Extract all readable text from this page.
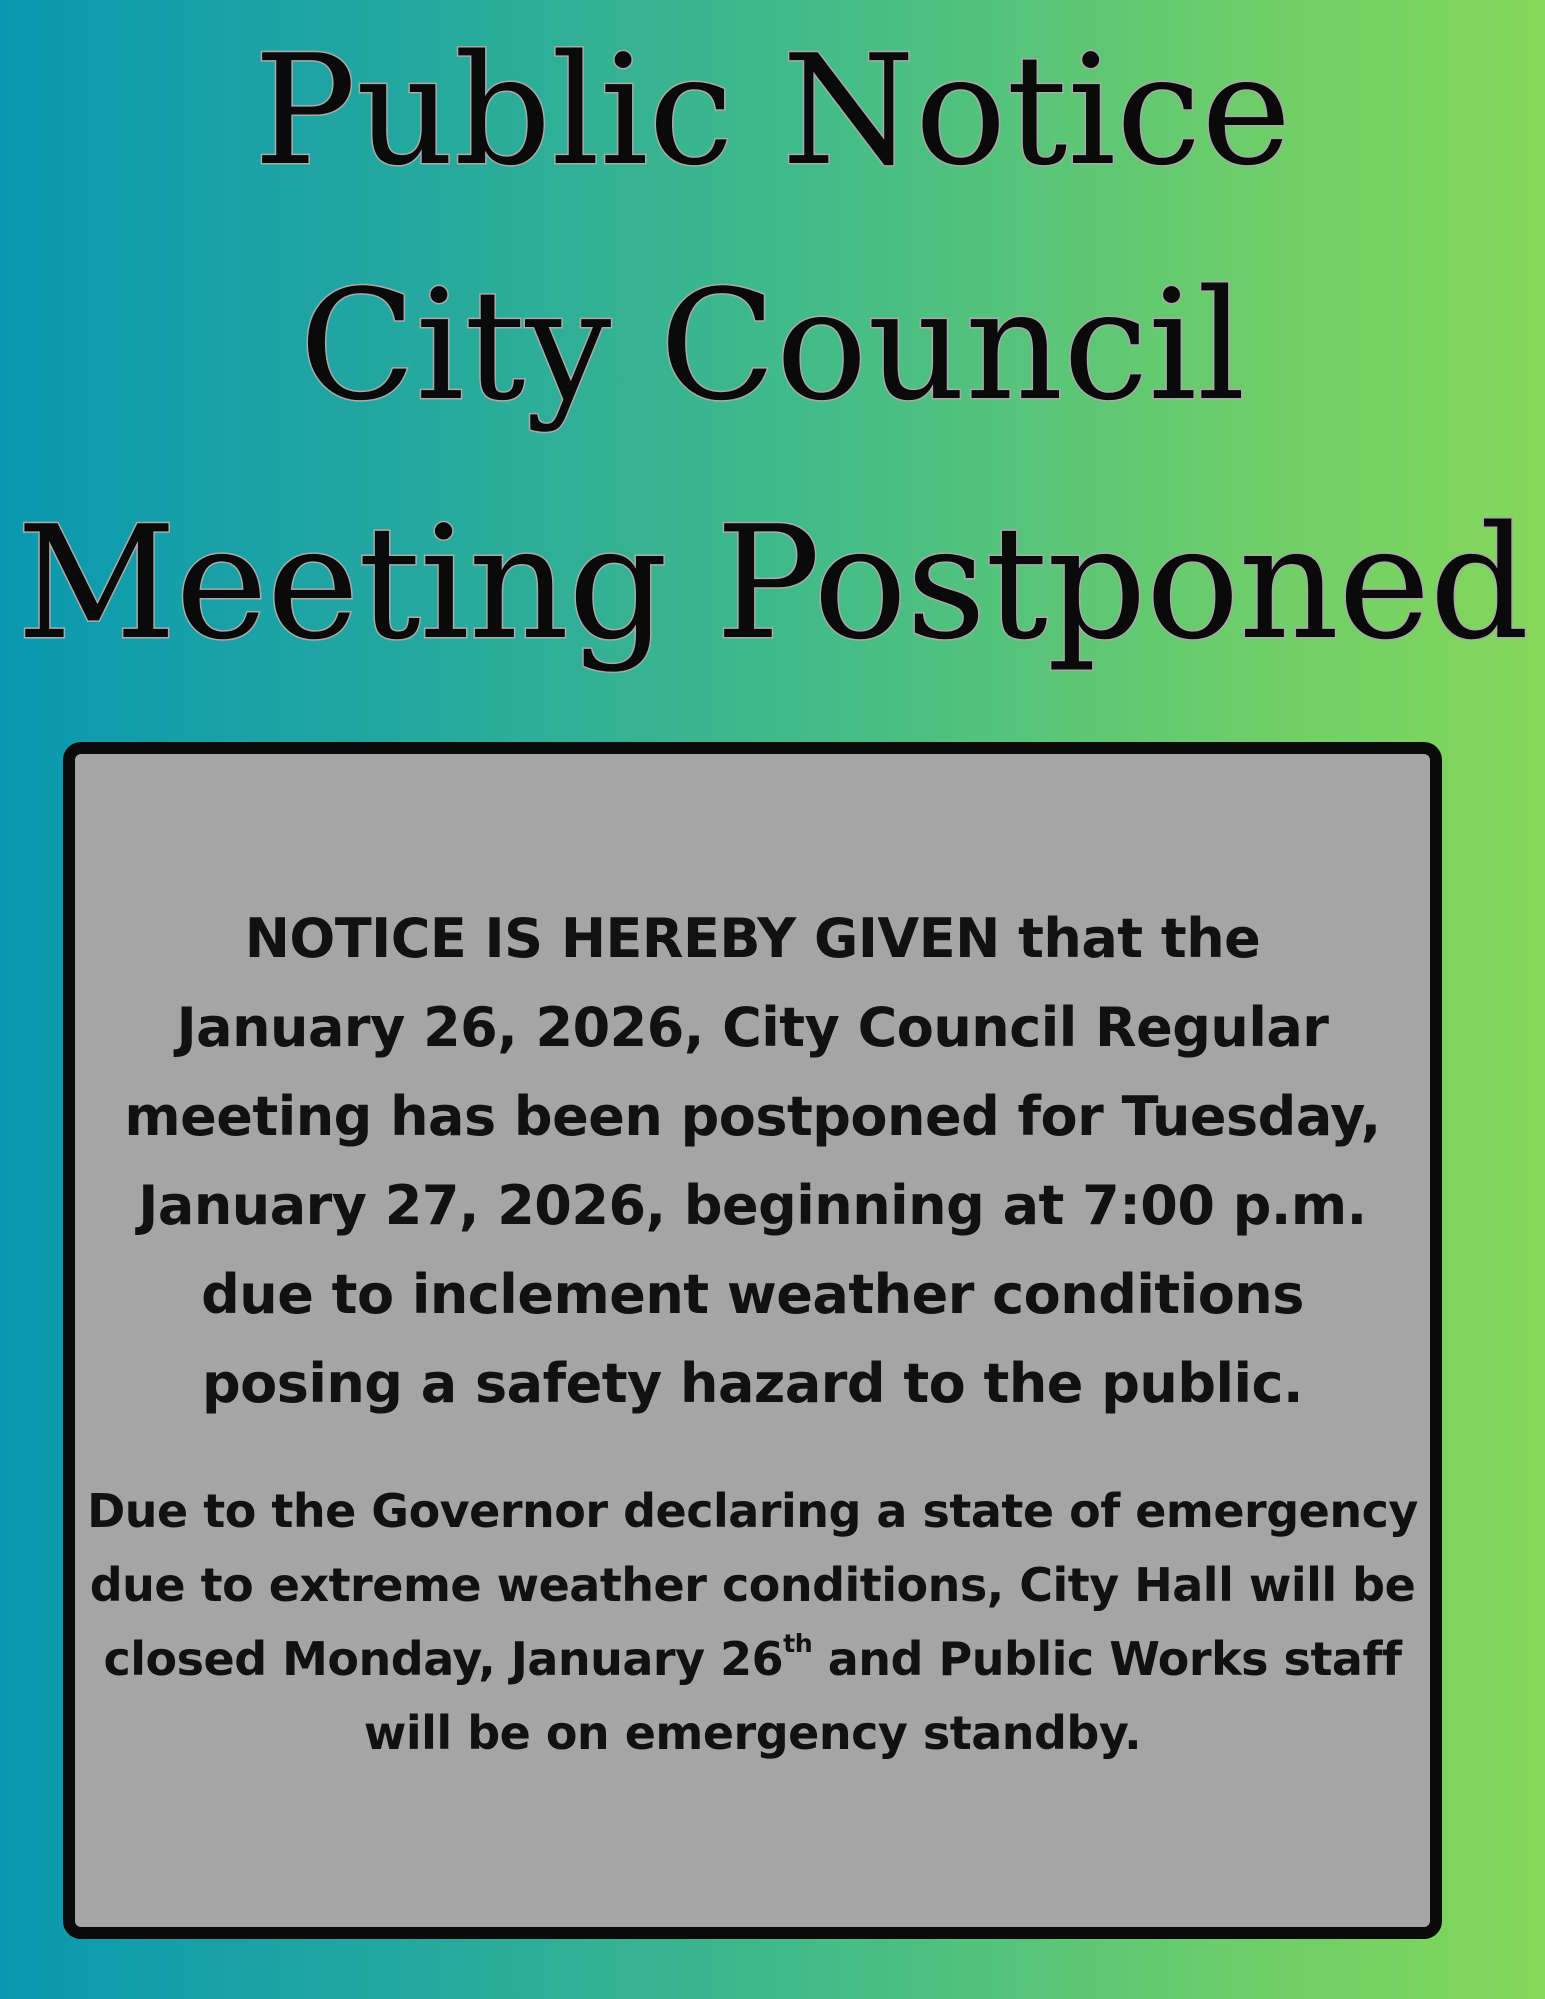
Public Notice
City Council
Meeting Postponed
NOTICE IS HEREBY GIVEN that the
January 26, 2026, City Council Regular
meeting has been postponed for Tuesday,
January 27, 2026, beginning at 7:00 p.m.
due to inclement weather conditions
posing a safety hazard to the public.
Due to the Governor declaring a state of emergency
due to extreme weather conditions, City Hall will be
closed Monday, January 26th and Public Works staff
will be on emergency standby.
